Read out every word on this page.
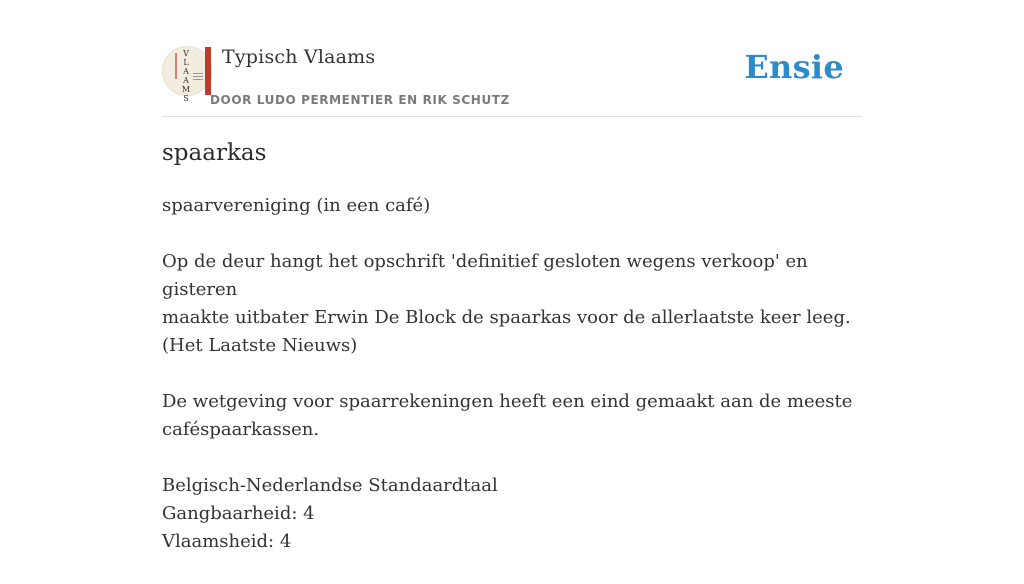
V
L
A
A
M
S
Typisch Vlaams
DOOR LUDO PERMENTIER EN RIK SCHUTZ
Ensie
spaarkas

spaarvereniging (in een café)

Op de deur hangt het opschrift 'definitief gesloten wegens verkoop' en gisteren
maakte uitbater Erwin De Block de spaarkas voor de allerlaatste keer leeg.
(Het Laatste Nieuws)

De wetgeving voor spaarrekeningen heeft een eind gemaakt aan de meeste
caféspaarkassen.

Belgisch-Nederlandse Standaardtaal
Gangbaarheid: 4
Vlaamsheid: 4
